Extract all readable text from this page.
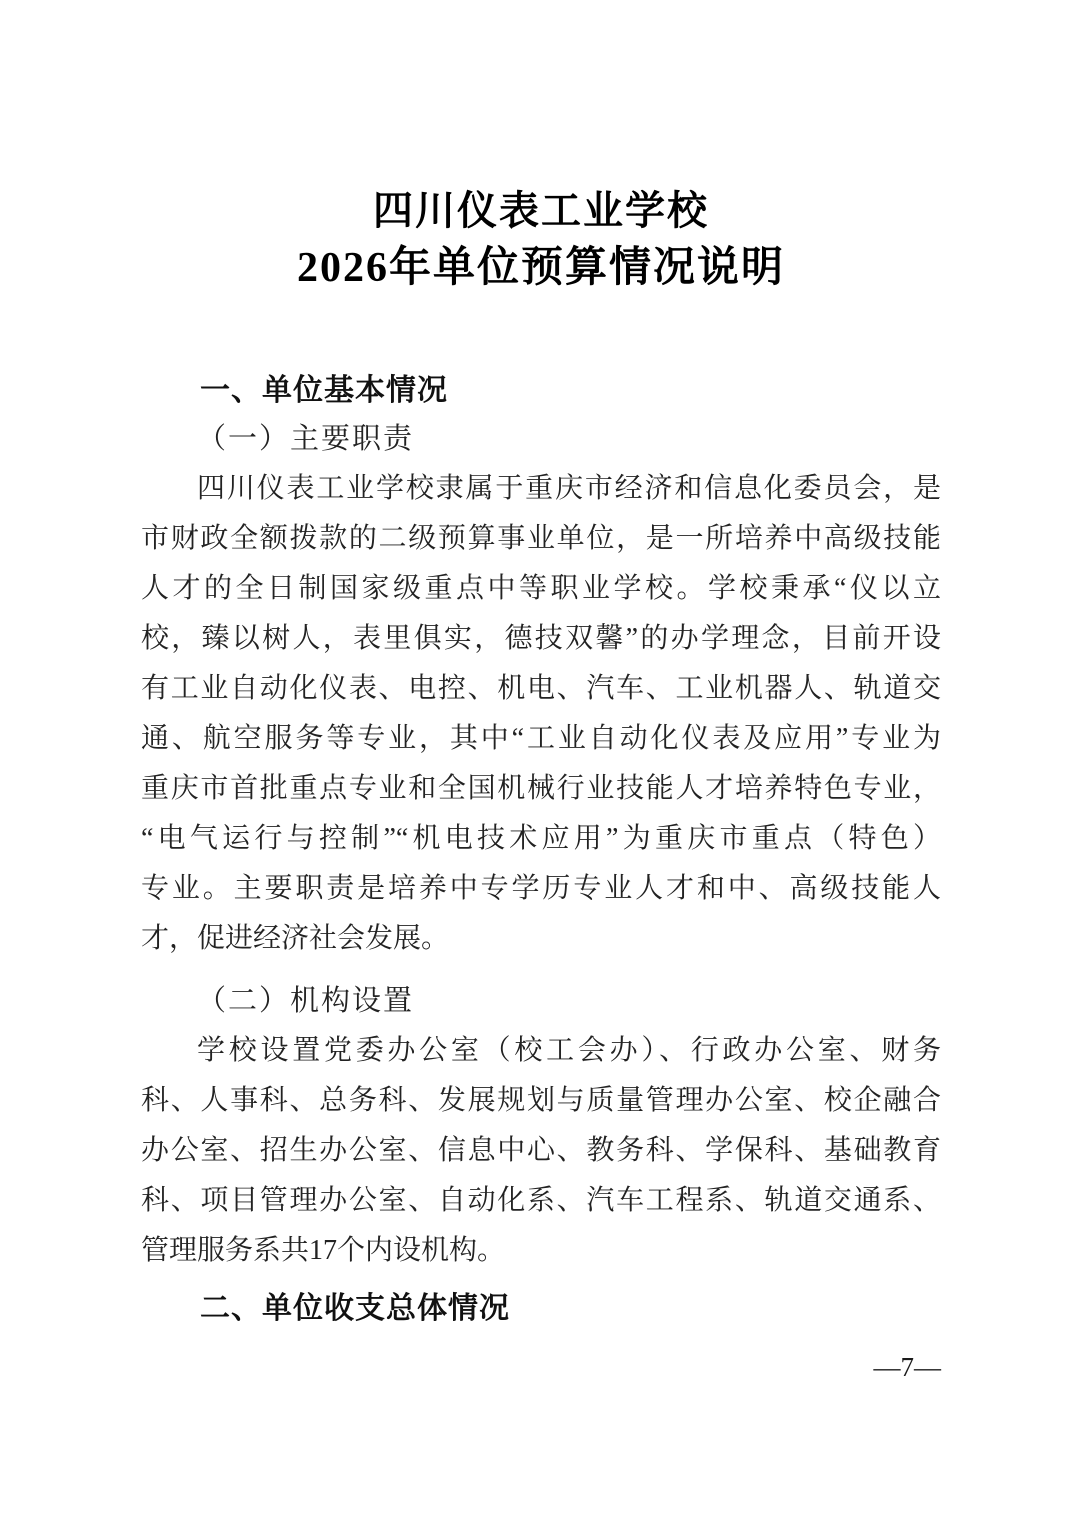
四川仪表工业学校
2026年单位预算情况说明
一、单位基本情况
（一）主要职责
四川仪表工业学校隶属于重庆市经济和信息化委员会，是
市财政全额拨款的二级预算事业单位，是一所培养中高级技能
人才的全日制国家级重点中等职业学校。学校秉承“仪以立
校，臻以树人，表里俱实，德技双馨”的办学理念，目前开设
有工业自动化仪表、电控、机电、汽车、工业机器人、轨道交
通、航空服务等专业，其中“工业自动化仪表及应用”专业为
重庆市首批重点专业和全国机械行业技能人才培养特色专业，
“电气运行与控制”“机电技术应用”为重庆市重点（特色）
专业。主要职责是培养中专学历专业人才和中、高级技能人
才，促进经济社会发展。
（二）机构设置
学校设置党委办公室（校工会办）、行政办公室、财务
科、人事科、总务科、发展规划与质量管理办公室、校企融合
办公室、招生办公室、信息中心、教务科、学保科、基础教育
科、项目管理办公室、自动化系、汽车工程系、轨道交通系、
管理服务系共17个内设机构。
二、单位收支总体情况
—7—
